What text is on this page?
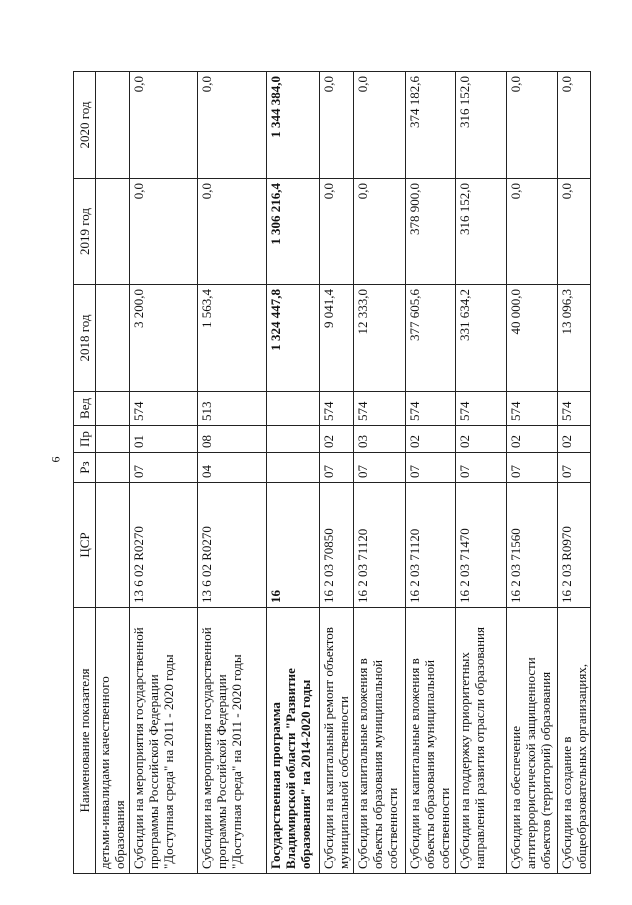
6
Наименование показателя	ЦСР	Рз	Пр	Вед	2018 год	2019 год	2020 год
детьми-инвалидами качественного образования							
Субсидии на мероприятия государственной программы Российской Федерации "Доступная среда" на 2011 - 2020 годы	13 6 02 R0270	07	01	574	3 200,0	0,0	0,0
Субсидии на мероприятия государственной программы Российской Федерации "Доступная среда" на 2011 - 2020 годы	13 6 02 R0270	04	08	513	1 563,4	0,0	0,0
Государственная программа Владимирской области "Развитие образования" на 2014-2020 годы	16				1 324 447,8	1 306 216,4	1 344 384,0
Субсидии на капитальный ремонт объектов муниципальной собственности	16 2 03 70850	07	02	574	9 041,4	0,0	0,0
Субсидии на капитальные вложения в объекты образования муниципальной собственности	16 2 03 71120	07	03	574	12 333,0	0,0	0,0
Субсидии на капитальные вложения в объекты образования муниципальной собственности	16 2 03 71120	07	02	574	377 605,6	378 900,0	374 182,6
Субсидии на поддержку приоритетных направлений развития отрасли образования	16 2 03 71470	07	02	574	331 634,2	316 152,0	316 152,0
Субсидии на обеспечение антитеррористической защищенности объектов (территорий) образования	16 2 03 71560	07	02	574	40 000,0	0,0	0,0
Субсидии на создание в общеобразовательных организациях,	16 2 03 R0970	07	02	574	13 096,3	0,0	0,0
